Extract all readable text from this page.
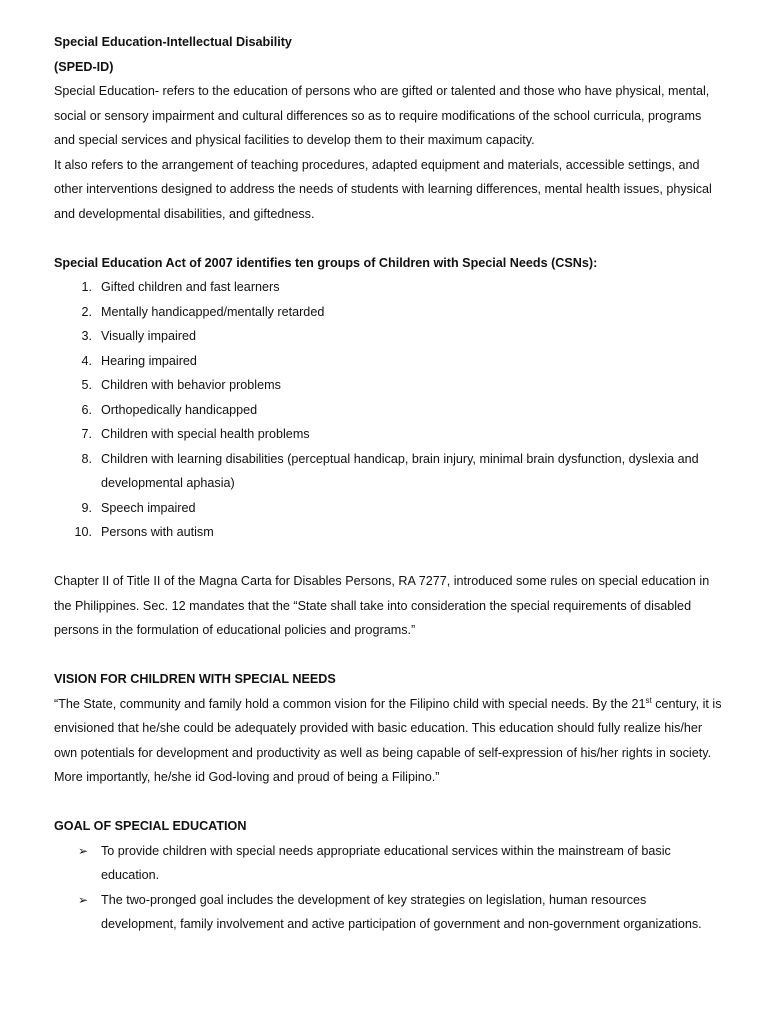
Special Education-Intellectual Disability

(SPED-ID)

Special Education- refers to the education of persons who are gifted or talented and those who have physical, mental, social or sensory impairment and cultural differences so as to require modifications of the school curricula, programs and special services and physical facilities to develop them to their maximum capacity.

It also refers to the arrangement of teaching procedures, adapted equipment and materials, accessible settings, and other interventions designed to address the needs of students with learning differences, mental health issues, physical and developmental disabilities, and giftedness.

Special Education Act of 2007 identifies ten groups of Children with Special Needs (CSNs):

1. Gifted children and fast learners
2. Mentally handicapped/mentally retarded
3. Visually impaired
4. Hearing impaired
5. Children with behavior problems
6. Orthopedically handicapped
7. Children with special health problems
8. Children with learning disabilities (perceptual handicap, brain injury, minimal brain dysfunction, dyslexia and developmental aphasia)
9. Speech impaired
10. Persons with autism

Chapter II of Title II of the Magna Carta for Disables Persons, RA 7277, introduced some rules on special education in the Philippines. Sec. 12 mandates that the “State shall take into consideration the special requirements of disabled persons in the formulation of educational policies and programs.”

VISION FOR CHILDREN WITH SPECIAL NEEDS

“The State, community and family hold a common vision for the Filipino child with special needs. By the 21st century, it is envisioned that he/she could be adequately provided with basic education. This education should fully realize his/her own potentials for development and productivity as well as being capable of self-expression of his/her rights in society. More importantly, he/she id God-loving and proud of being a Filipino.”

GOAL OF SPECIAL EDUCATION

➢ To provide children with special needs appropriate educational services within the mainstream of basic education.
➢ The two-pronged goal includes the development of key strategies on legislation, human resources development, family involvement and active participation of government and non-government organizations.
